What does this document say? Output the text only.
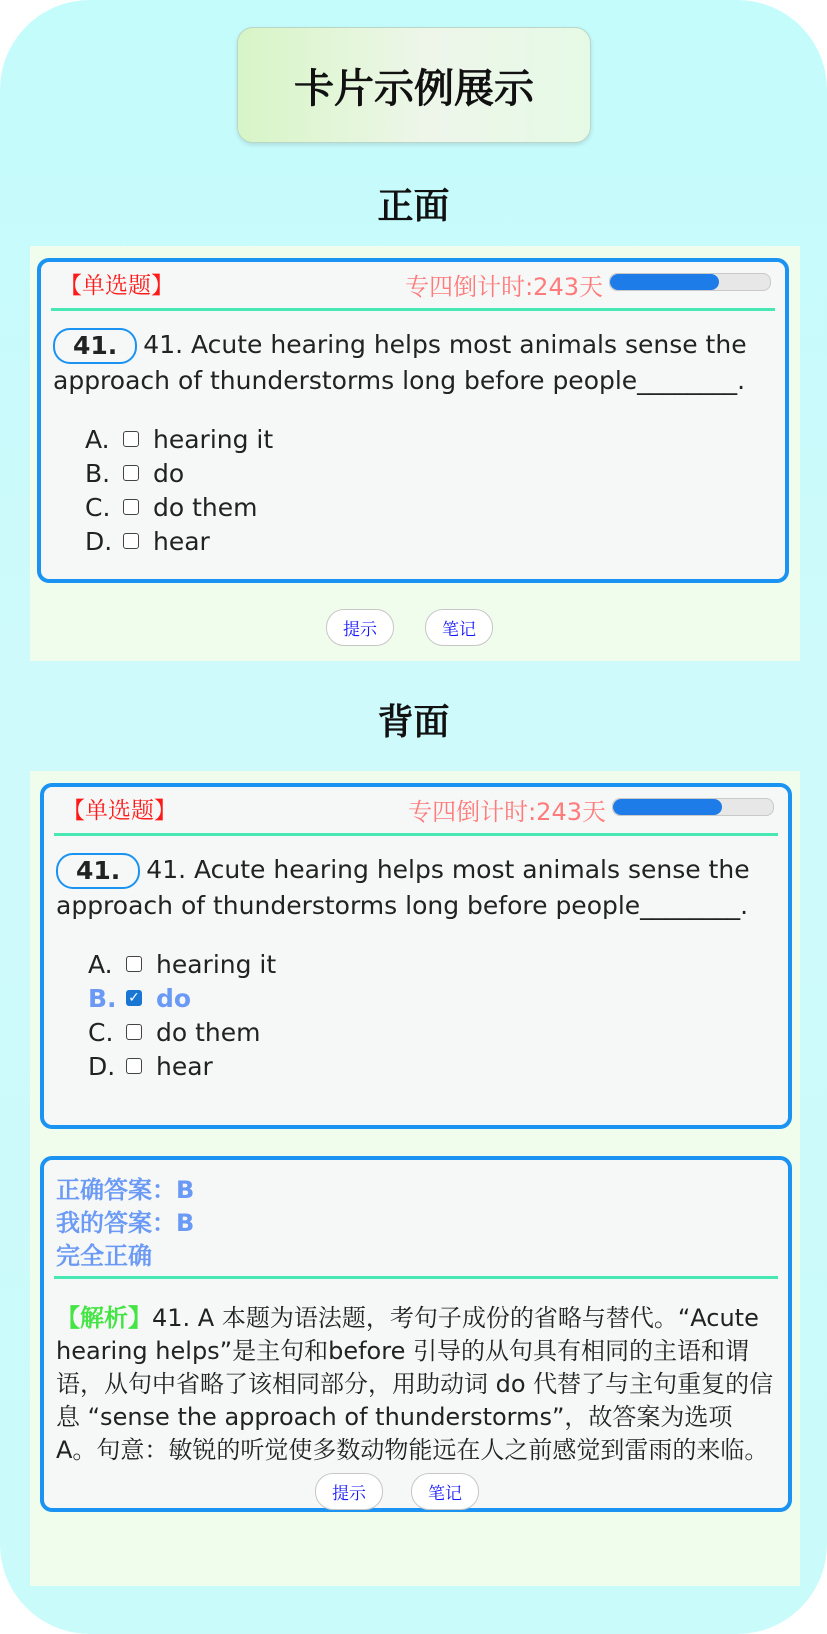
卡片示例展示
正面
【单选题】	专四倒计时:243天
41. 41. Acute hearing helps most animals sense the approach of thunderstorms long before people________.
A.	hearing it
B.	do
C.	do them
D.	hear
提示	笔记
背面
【单选题】	专四倒计时:243天
41. 41. Acute hearing helps most animals sense the approach of thunderstorms long before people________.
A.	hearing it
B. ✓ do
C.	do them
D.	hear
正确答案：B
我的答案：B
完全正确
【解析】41. A 本题为语法题，考句子成份的省略与替代。“Acute hearing helps”是主句和before 引导的从句具有相同的主语和谓语，从句中省略了该相同部分，用助动词 do 代替了与主句重复的信息 “sense the approach of thunderstorms”，故答案为选项 A。句意：敏锐的听觉使多数动物能远在人之前感觉到雷雨的来临。
提示	笔记
